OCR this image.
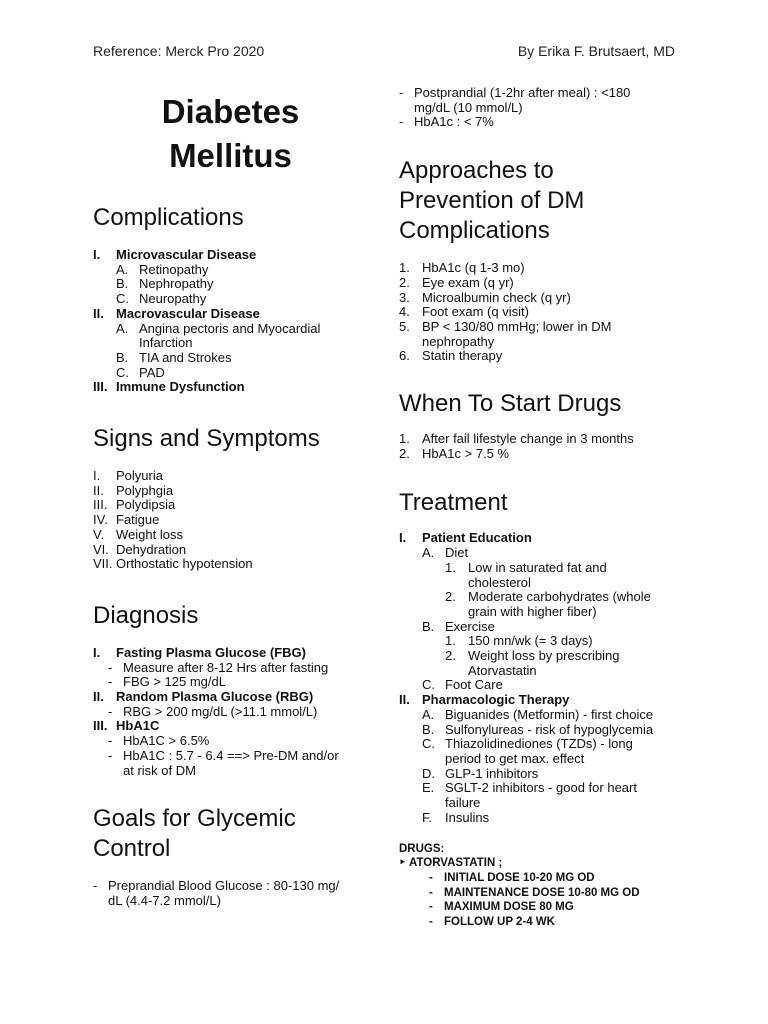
Reference: Merck Pro 2020	By Erika F. Brutsaert, MD
Diabetes
Mellitus
Complications
I. Microvascular Disease
A. Retinopathy
B. Nephropathy
C. Neuropathy
II. Macrovascular Disease
A. Angina pectoris and Myocardial
Infarction
B. TIA and Strokes
C. PAD
III. Immune Dysfunction
Signs and Symptoms
I. Polyuria
II. Polyphgia
III. Polydipsia
IV. Fatigue
V. Weight loss
VI. Dehydration
VII. Orthostatic hypotension
Diagnosis
I. Fasting Plasma Glucose (FBG)
- Measure after 8-12 Hrs after fasting
- FBG > 125 mg/dL
II. Random Plasma Glucose (RBG)
- RBG > 200 mg/dL (>11.1 mmol/L)
III. HbA1C
- HbA1C > 6.5%
- HbA1C : 5.7 - 6.4 ==> Pre-DM and/or
at risk of DM
Goals for Glycemic
Control
- Preprandial Blood Glucose : 80-130 mg/
dL (4.4-7.2 mmol/L)
- Postprandial (1-2hr after meal) : <180
mg/dL (10 mmol/L)
- HbA1c : < 7%
Approaches to
Prevention of DM
Complications
1. HbA1c (q 1-3 mo)
2. Eye exam (q yr)
3. Microalbumin check (q yr)
4. Foot exam (q visit)
5. BP < 130/80 mmHg; lower in DM
nephropathy
6. Statin therapy
When To Start Drugs
1. After fail lifestyle change in 3 months
2. HbA1c > 7.5 %
Treatment
I. Patient Education
A. Diet
1. Low in saturated fat and
cholesterol
2. Moderate carbohydrates (whole
grain with higher fiber)
B. Exercise
1. 150 mn/wk (= 3 days)
2. Weight loss by prescribing
Atorvastatin
C. Foot Care
II. Pharmacologic Therapy
A. Biguanides (Metformin) - first choice
B. Sulfonylureas - risk of hypoglycemia
C. Thiazolidinediones (TZDs) - long
period to get max. effect
D. GLP-1 inhibitors
E. SGLT-2 inhibitors - good for heart
failure
F. Insulins
DRUGS:
‣ ATORVASTATIN ;
- INITIAL DOSE 10-20 MG OD
- MAINTENANCE DOSE 10-80 MG OD
- MAXIMUM DOSE 80 MG
- FOLLOW UP 2-4 WK
